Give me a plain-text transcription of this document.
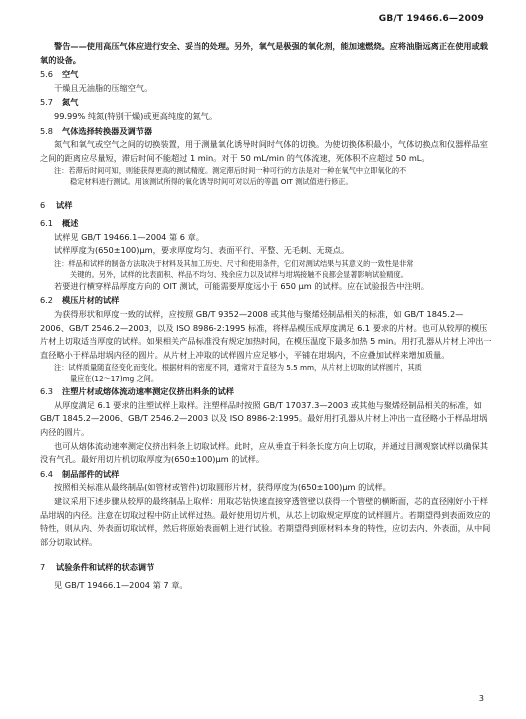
GB/T 19466.6—2009

警告——使用高压气体应进行安全、妥当的处理。另外，氧气是极强的氧化剂，能加速燃烧。应将油脂远离正在使用或载氧的设备。

5.6 空气

干燥且无油脂的压缩空气。

5.7 氮气

99.99% 纯氮(特别干燥)或更高纯度的氮气。

5.8 气体选择转换器及调节器

氮气和氧气或空气之间的切换装置，用于测量氧化诱导时间时气体的切换。为使切换体积最小，气体切换点和仪器样品室之间的距离应尽量短，滞后时间不能超过 1 min。对于 50 mL/min 的气体流速，死体积不应超过 50 mL。

注：若滞后时间可知，则能获得更高的测试精度。测定滞后时间一种可行的方法是对一种在氧气中立即氧化的不
稳定材料进行测试。用该测试所得的氧化诱导时间可对以后的等温 OIT 测试值进行修正。

6 试样

6.1 概述

试样见 GB/T 19466.1—2004 第 6 章。

试样厚度为(650±100)μm，要求厚度均匀、表面平行、平整、无毛刺、无斑点。

注：样品和试样的制备方法取决于材料及其加工历史、尺寸和使用条件，它们对测试结果与其意义的一致性是非常
关键的。另外，试样的比表面积、样品不均匀、残余应力以及试样与坩埚接触不良都会显著影响试验精度。

若要进行横穿样品厚度方向的 OIT 测试，可能需要厚度远小于 650 μm 的试样。应在试验报告中注明。

6.2 模压片材的试样

为获得形状和厚度一致的试样，应按照 GB/T 9352—2008 或其他与聚烯烃制品相关的标准，如 GB/T 1845.2—2006、GB/T 2546.2—2003，以及 ISO 8986-2:1995 标准，将样品模压成厚度满足 6.1 要求的片材。也可从较厚的模压片材上切取适当厚度的试样。如果相关产品标准没有规定加热时间，在模压温度下最多加热 5 min。用打孔器从片材上冲出一直径略小于样品坩埚内径的圆片。从片材上冲取的试样圆片应足够小，平铺在坩埚内，不应叠加试样来增加质量。

注：试样质量随直径变化而变化。根据材料的密度不同，通常对于直径为 5.5 mm，从片材上切取的试样圆片，其质
量应在(12～17)mg 之间。

6.3 注塑片材或熔体流动速率测定仪挤出料条的试样

从厚度满足 6.1 要求的注塑试样上取样。注塑样品时按照 GB/T 17037.3—2003 或其他与聚烯烃制品相关的标准，如 GB/T 1845.2—2006、GB/T 2546.2—2003 以及 ISO 8986-2:1995。最好用打孔器从片材上冲出一直径略小于样品坩埚内径的圆片。

也可从熔体流动速率测定仪挤出料条上切取试样。此时，应从垂直于料条长度方向上切取，并通过目测观察试样以确保其没有气孔。最好用切片机切取厚度为(650±100)μm 的试样。

6.4 制品部件的试样

按照相关标准从最终制品(如管材或管件)切取圆形片材，获得厚度为(650±100)μm 的试样。

建议采用下述步骤从较厚的最终制品上取样：用取芯钻快速直接穿透管壁以获得一个管壁的横断面，芯的直径刚好小于样品坩埚的内径。注意在切取过程中防止试样过热。最好使用切片机，从芯上切取规定厚度的试样圆片。若期望得到表面效应的特性，则从内、外表面切取试样，然后将原始表面朝上进行试验。若期望得到原材料本身的特性，应切去内、外表面，从中间部分切取试样。

7 试验条件和试样的状态调节

见 GB/T 19466.1—2004 第 7 章。

3
